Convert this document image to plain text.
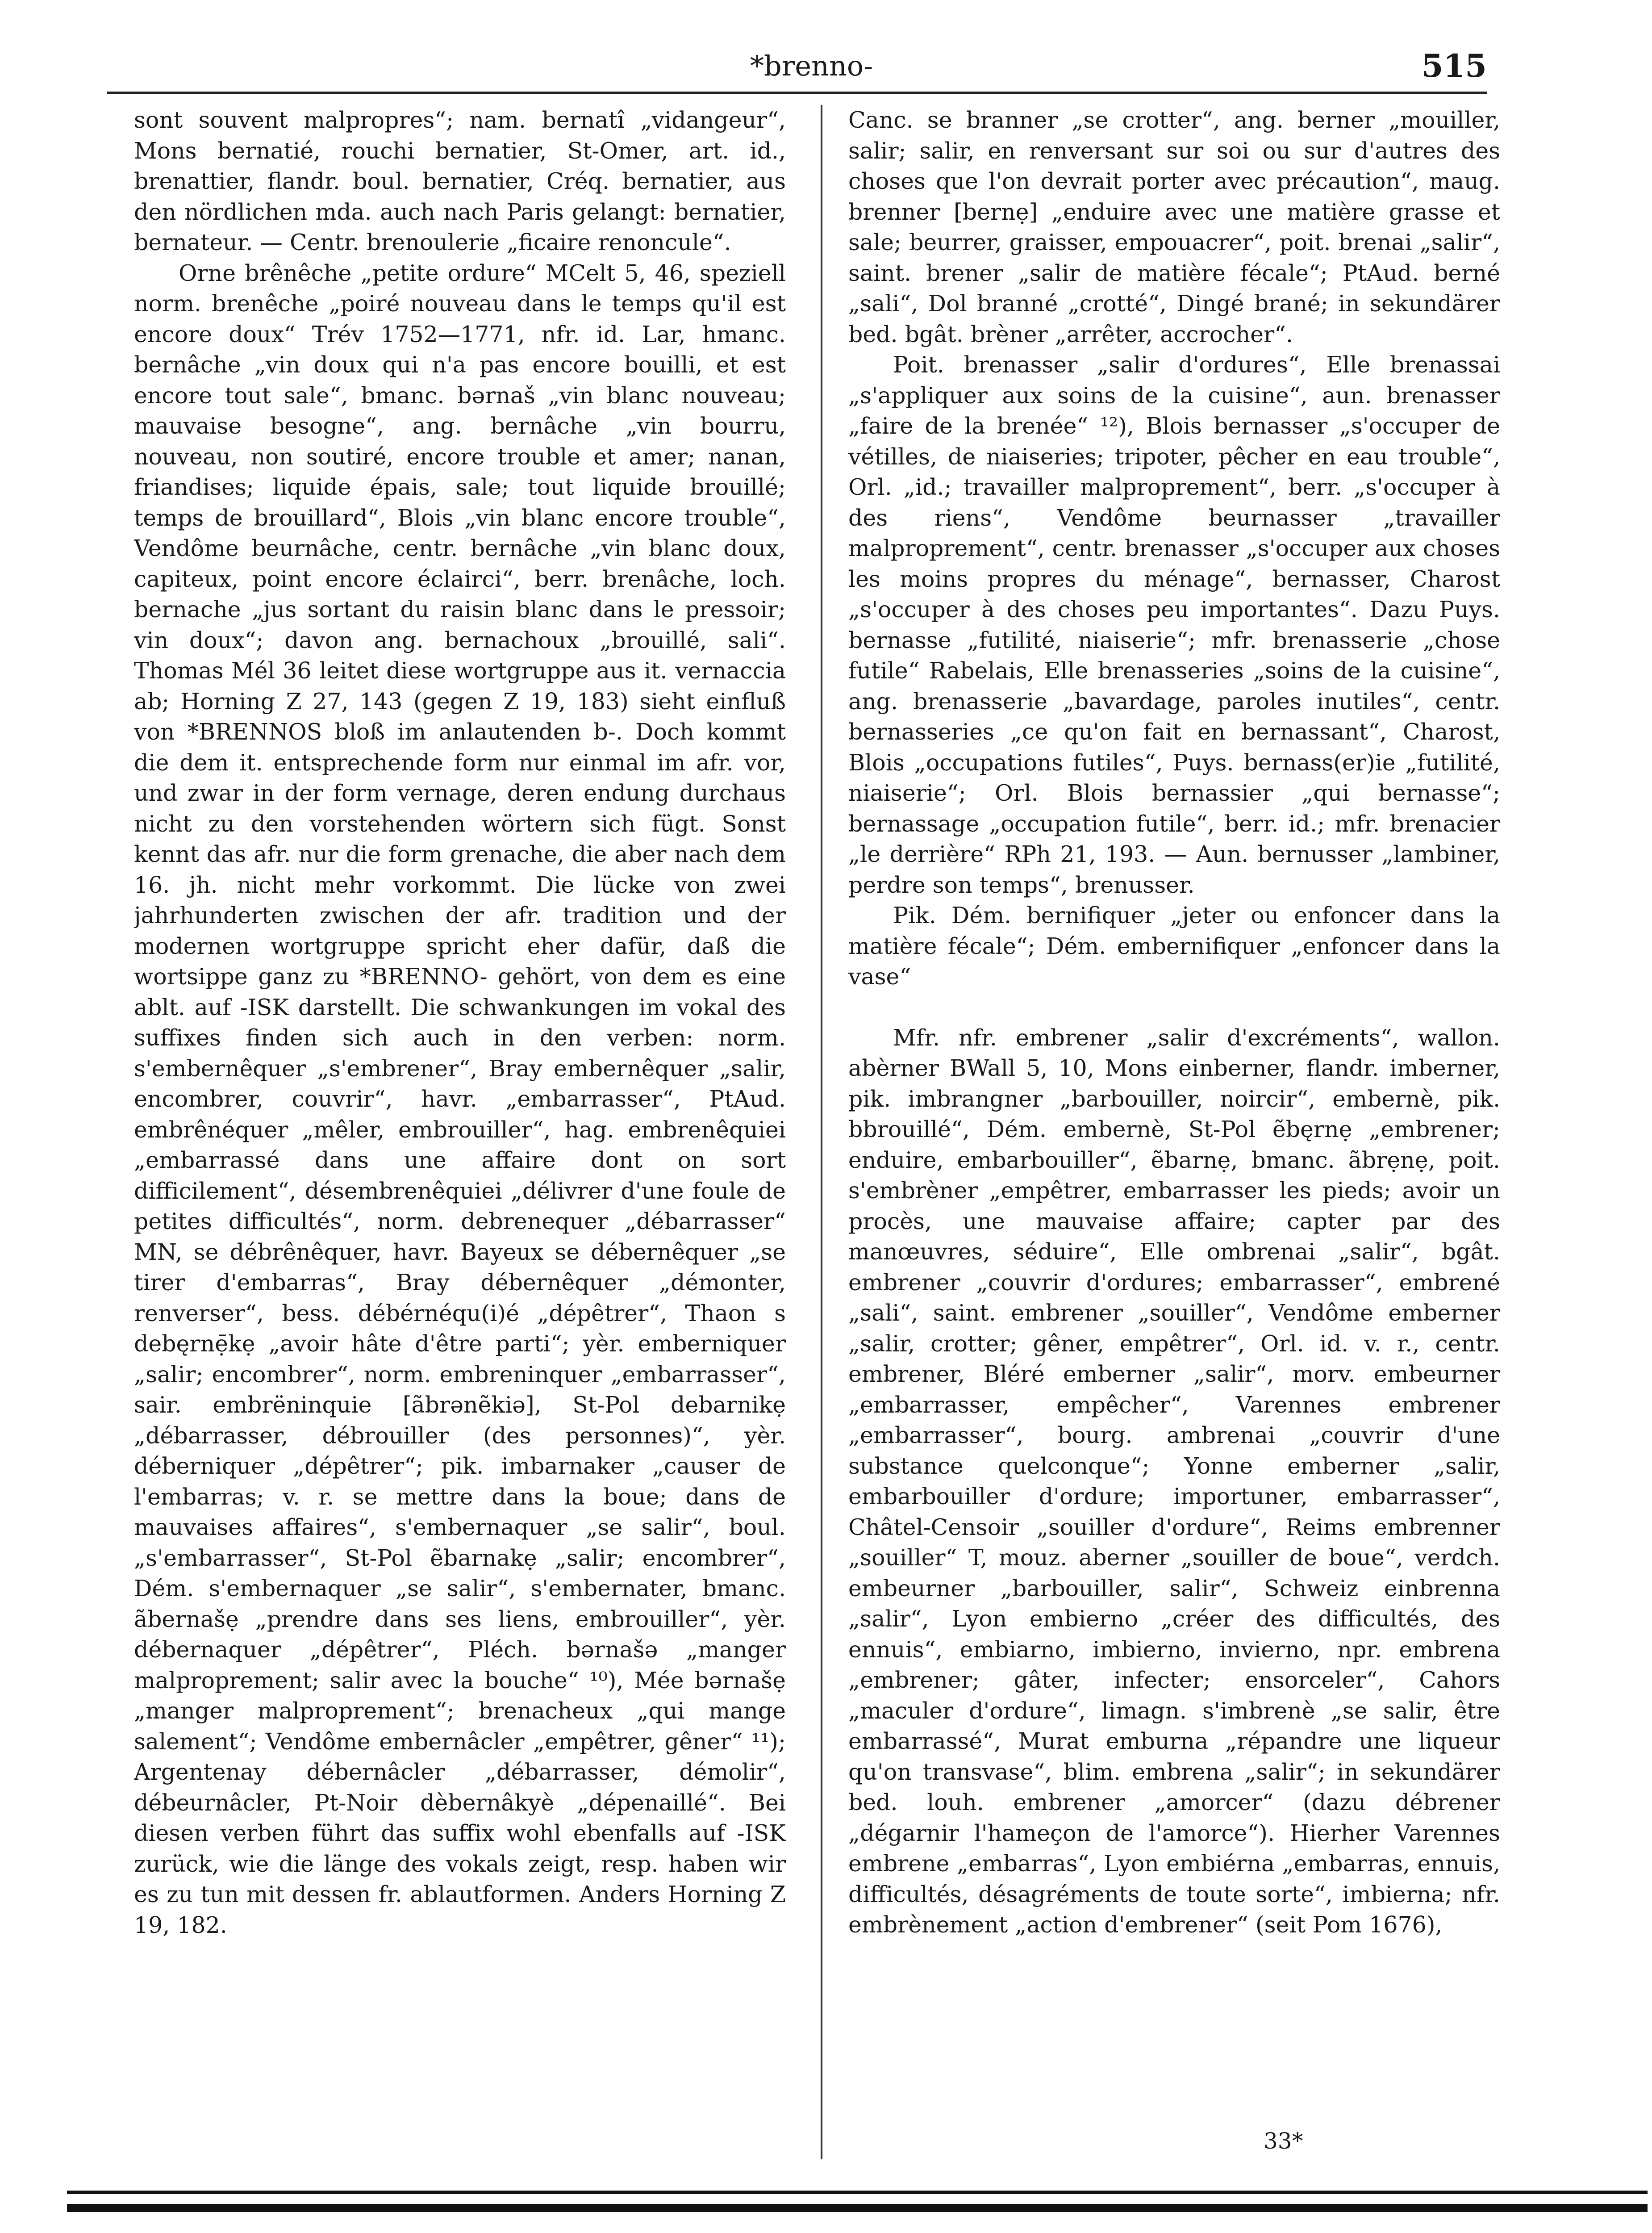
*brenno-	515

sont souvent malpropres“; nam. bernatî „vidangeur“, Mons bernatié, rouchi bernatier, St-Omer, art. id., brenattier, flandr. boul. bernatier, Créq. bernatier, aus den nördlichen mda. auch nach Paris gelangt: bernatier, bernateur. — Centr. brenoulerie „ficaire renoncule“.

Orne brênêche „petite ordure“ MCelt 5, 46, speziell norm. brenêche „poiré nouveau dans le temps qu'il est encore doux“ Trév 1752—1771, nfr. id. Lar, hmanc. bernâche „vin doux qui n'a pas encore bouilli, et est encore tout sale“, bmanc. bərnaš „vin blanc nouveau; mauvaise besogne“, ang. bernâche „vin bourru, nouveau, non soutiré, encore trouble et amer; nanan, friandises; liquide épais, sale; tout liquide brouillé; temps de brouillard“, Blois „vin blanc encore trouble“, Vendôme beurnâche, centr. bernâche „vin blanc doux, capiteux, point encore éclairci“, berr. brenâche, loch. bernache „jus sortant du raisin blanc dans le pressoir; vin doux“; davon ang. bernachoux „brouillé, sali“. Thomas Mél 36 leitet diese wortgruppe aus it. vernaccia ab; Horning Z 27, 143 (gegen Z 19, 183) sieht einfluß von *BRENNOS bloß im anlautenden b-. Doch kommt die dem it. entsprechende form nur einmal im afr. vor, und zwar in der form vernage, deren endung durchaus nicht zu den vorstehenden wörtern sich fügt. Sonst kennt das afr. nur die form grenache, die aber nach dem 16. jh. nicht mehr vorkommt. Die lücke von zwei jahrhunderten zwischen der afr. tradition und der modernen wortgruppe spricht eher dafür, daß die wortsippe ganz zu *BRENNO- gehört, von dem es eine ablt. auf -ISK darstellt. Die schwankungen im vokal des suffixes finden sich auch in den verben: norm. s'embernêquer „s'embrener“, Bray embernêquer „salir, encombrer, couvrir“, havr. „embarrasser“, PtAud. embrênéquer „mêler, embrouiller“, hag. embrenêquiei „embarrassé dans une affaire dont on sort difficilement“, désembrenêquiei „délivrer d'une foule de petites difficultés“, norm. debrenequer „débarrasser“ MN, se débrênêquer, havr. Bayeux se débernêquer „se tirer d'embarras“, Bray débernêquer „démonter, renverser“, bess. débérnéqu(i)é „dépêtrer“, Thaon s debęrnẹ̄kẹ „avoir hâte d'être parti“; yèr. emberniquer „salir; encombrer“, norm. embreninquer „embarrasser“, sair. embrëninquie [ãbrənẽkiə], St-Pol debarnikẹ „débarrasser, débrouiller (des personnes)“, yèr. déberniquer „dépêtrer“; pik. imbarnaker „causer de l'embarras; v. r. se mettre dans la boue; dans de mauvaises affaires“, s'embernaquer „se salir“, boul. „s'embarrasser“, St-Pol ẽbarnakẹ „salir; encombrer“, Dém. s'embernaquer „se salir“, s'embernater, bmanc. ãbernašẹ „prendre dans ses liens, embrouiller“, yèr. débernaquer „dépêtrer“, Pléch. bərnašə „manger malproprement; salir avec la bouche“ ¹⁰), Mée bərnašẹ „manger malproprement“; brenacheux „qui mange salement“; Vendôme embernâcler „empêtrer, gêner“ ¹¹); Argentenay débernâcler „débarrasser, démolir“, débeurnâcler, Pt-Noir dèbernâkyè „dépenaillé“. Bei diesen verben führt das suffix wohl ebenfalls auf -ISK zurück, wie die länge des vokals zeigt, resp. haben wir es zu tun mit dessen fr. ablautformen. Anders Horning Z 19, 182.

Canc. se branner „se crotter“, ang. berner „mouiller, salir; salir, en renversant sur soi ou sur d'autres des choses que l'on devrait porter avec précaution“, maug. brenner [bernẹ] „enduire avec une matière grasse et sale; beurrer, graisser, empouacrer“, poit. brenai „salir“, saint. brener „salir de matière fécale“; PtAud. berné „sali“, Dol branné „crotté“, Dingé brané; in sekundärer bed. bgât. brèner „arrêter, accrocher“.

Poit. brenasser „salir d'ordures“, Elle brenassai „s'appliquer aux soins de la cuisine“, aun. brenasser „faire de la brenée“ ¹²), Blois bernasser „s'occuper de vétilles, de niaiseries; tripoter, pêcher en eau trouble“, Orl. „id.; travailler malproprement“, berr. „s'occuper à des riens“, Vendôme beurnasser „travailler malproprement“, centr. brenasser „s'occuper aux choses les moins propres du ménage“, bernasser, Charost „s'occuper à des choses peu importantes“. Dazu Puys. bernasse „futilité, niaiserie“; mfr. brenasserie „chose futile“ Rabelais, Elle brenasseries „soins de la cuisine“, ang. brenasserie „bavardage, paroles inutiles“, centr. bernasseries „ce qu'on fait en bernassant“, Charost, Blois „occupations futiles“, Puys. bernass(er)ie „futilité, niaiserie“; Orl. Blois bernassier „qui bernasse“; bernassage „occupation futile“, berr. id.; mfr. brenacier „le derrière“ RPh 21, 193. — Aun. bernusser „lambiner, perdre son temps“, brenusser.

Pik. Dém. bernifiquer „jeter ou enfoncer dans la matière fécale“; Dém. embernifiquer „enfoncer dans la vase“

Mfr. nfr. embrener „salir d'excréments“, wallon. abèrner BWall 5, 10, Mons einberner, flandr. imberner, pik. imbrangner „barbouiller, noircir“, embernè, pik. bbrouillé“, Dém. embernè, St-Pol ẽbęrnẹ „embrener; enduire, embarbouiller“, ẽbarnẹ, bmanc. ãbrẹnẹ, poit. s'embrèner „empêtrer, embarrasser les pieds; avoir un procès, une mauvaise affaire; capter par des manœuvres, séduire“, Elle ombrenai „salir“, bgât. embrener „couvrir d'ordures; embarrasser“, embrené „sali“, saint. embrener „souiller“, Vendôme emberner „salir, crotter; gêner, empêtrer“, Orl. id. v. r., centr. embrener, Bléré emberner „salir“, morv. embeurner „embarrasser, empêcher“, Varennes embrener „embarrasser“, bourg. ambrenai „couvrir d'une substance quelconque“; Yonne emberner „salir, embarbouiller d'ordure; importuner, embarrasser“, Châtel-Censoir „souiller d'ordure“, Reims embrenner „souiller“ T, mouz. aberner „souiller de boue“, verdch. embeurner „barbouiller, salir“, Schweiz einbrenna „salir“, Lyon embierno „créer des difficultés, des ennuis“, embiarno, imbierno, invierno, npr. embrena „embrener; gâter, infecter; ensorceler“, Cahors „maculer d'ordure“, limagn. s'imbrenè „se salir, être embarrassé“, Murat emburna „répandre une liqueur qu'on transvase“, blim. embrena „salir“; in sekundärer bed. louh. embrener „amorcer“ (dazu débrener „dégarnir l'hameçon de l'amorce“). Hierher Varennes embrene „embarras“, Lyon embiérna „embarras, ennuis, difficultés, désagréments de toute sorte“, imbierna; nfr. embrènement „action d'embrener“ (seit Pom 1676),

33*
